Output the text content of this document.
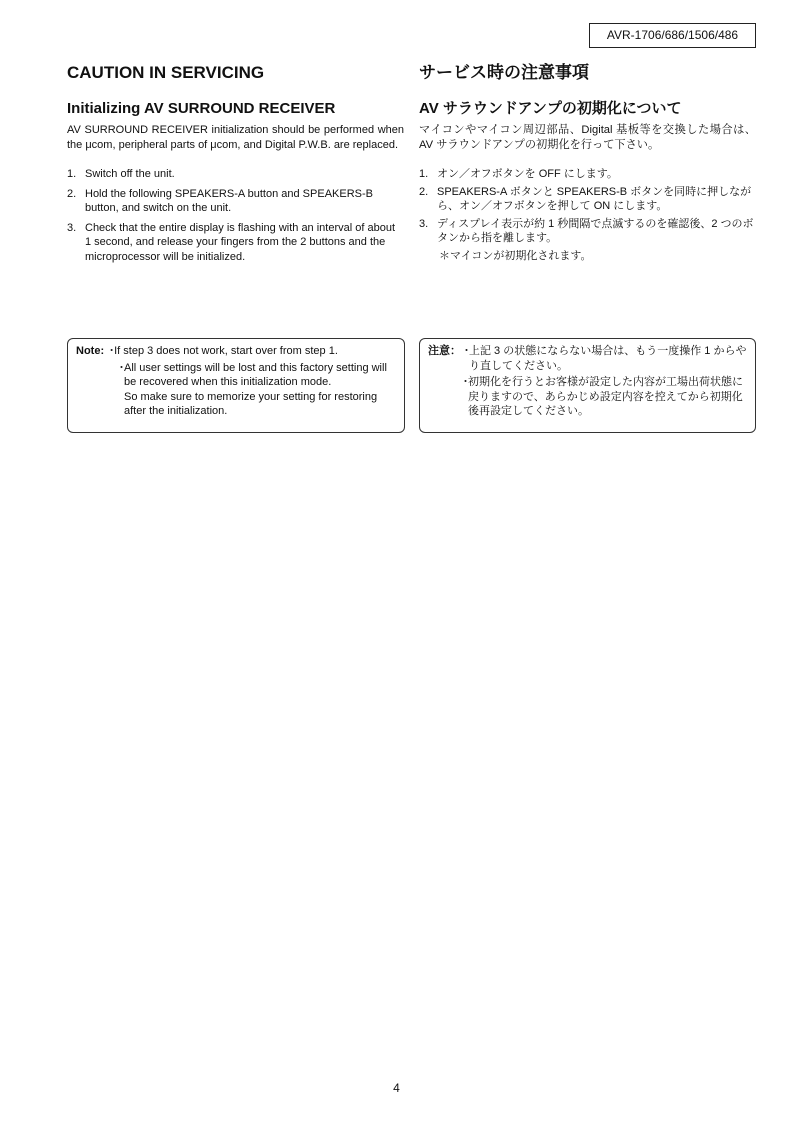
AVR-1706/686/1506/486
CAUTION IN SERVICING
Initializing AV SURROUND RECEIVER

AV SURROUND RECEIVER initialization should be performed when the μcom, peripheral parts of μcom, and Digital P.W.B. are replaced.

1. Switch off the unit.
2. Hold the following SPEAKERS-A button and SPEAKERS-B button, and switch on the unit.
3. Check that the entire display is flashing with an interval of about 1 second, and release your fingers from the 2 buttons and the microprocessor will be initialized.
サービス時の注意事項
AV サラウンドアンプの初期化について

マイコンやマイコン周辺部品、Digital 基板等を交換した場合は、AV サラウンドアンプの初期化を行って下さい。

1. オン／オフボタンを OFF にします。
2. SPEAKERS-A ボタンと SPEAKERS-B ボタンを同時に押しながら、オン／オフボタンを押して ON にします。
3. ディスプレイ表示が約 1 秒間隔で点滅するのを確認後、2 つのボタンから指を離します。
＊マイコンが初期化されます。
Note: ・
If step 3 does not work, start over from step 1.
・
All user settings will be lost and this factory setting will be recovered when this initialization mode.
So make sure to memorize your setting for restoring after the initialization.
注意： ・
上記 3 の状態にならない場合は、もう一度操作 1 からやり直してください。
・
初期化を行うとお客様が設定した内容が工場出荷状態に戻りますので、あらかじめ設定内容を控えてから初期化後再設定してください。
4
